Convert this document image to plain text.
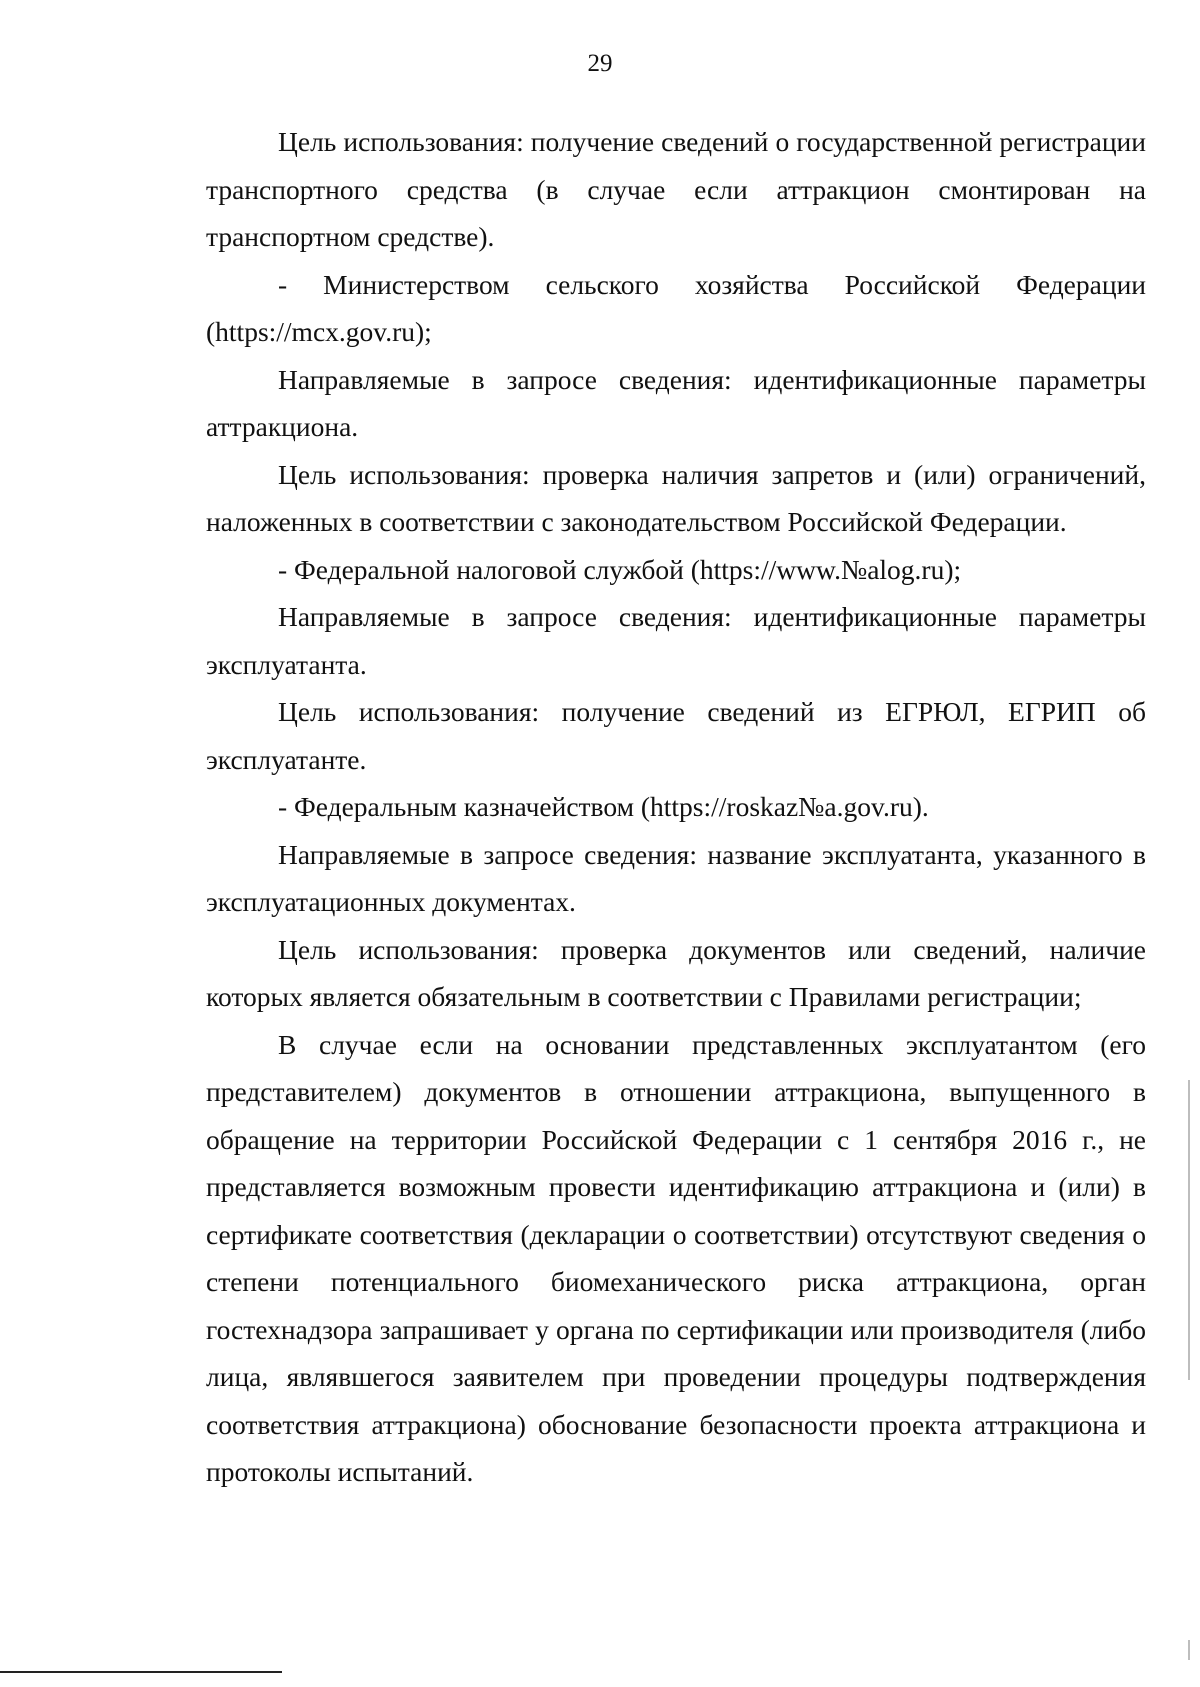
29

Цель использования: получение сведений о государственной регистрации транспортного средства (в случае если аттракцион смонтирован на транспортном средстве).

- Министерством сельского хозяйства Российской Федерации (https://mcx.gov.ru);

Направляемые в запросе сведения: идентификационные параметры аттракциона.

Цель использования: проверка наличия запретов и (или) ограничений, наложенных в соответствии с законодательством Российской Федерации.

- Федеральной налоговой службой (https://www.№alog.ru);

Направляемые в запросе сведения: идентификационные параметры эксплуатанта.

Цель использования: получение сведений из ЕГРЮЛ, ЕГРИП об эксплуатанте.

- Федеральным казначейством (https://roskaz№a.gov.ru).

Направляемые в запросе сведения: название эксплуатанта, указанного в эксплуатационных документах.

Цель использования: проверка документов или сведений, наличие которых является обязательным в соответствии с Правилами регистрации;

В случае если на основании представленных эксплуатантом (его представителем) документов в отношении аттракциона, выпущенного в обращение на территории Российской Федерации с 1 сентября 2016 г., не представляется возможным провести идентификацию аттракциона и (или) в сертификате соответствия (декларации о соответствии) отсутствуют сведения о степени потенциального биомеханического риска аттракциона, орган гостехнадзора запрашивает у органа по сертификации или производителя (либо лица, являвшегося заявителем при проведении процедуры подтверждения соответствия аттракциона) обоснование безопасности проекта аттракциона и протоколы испытаний.
